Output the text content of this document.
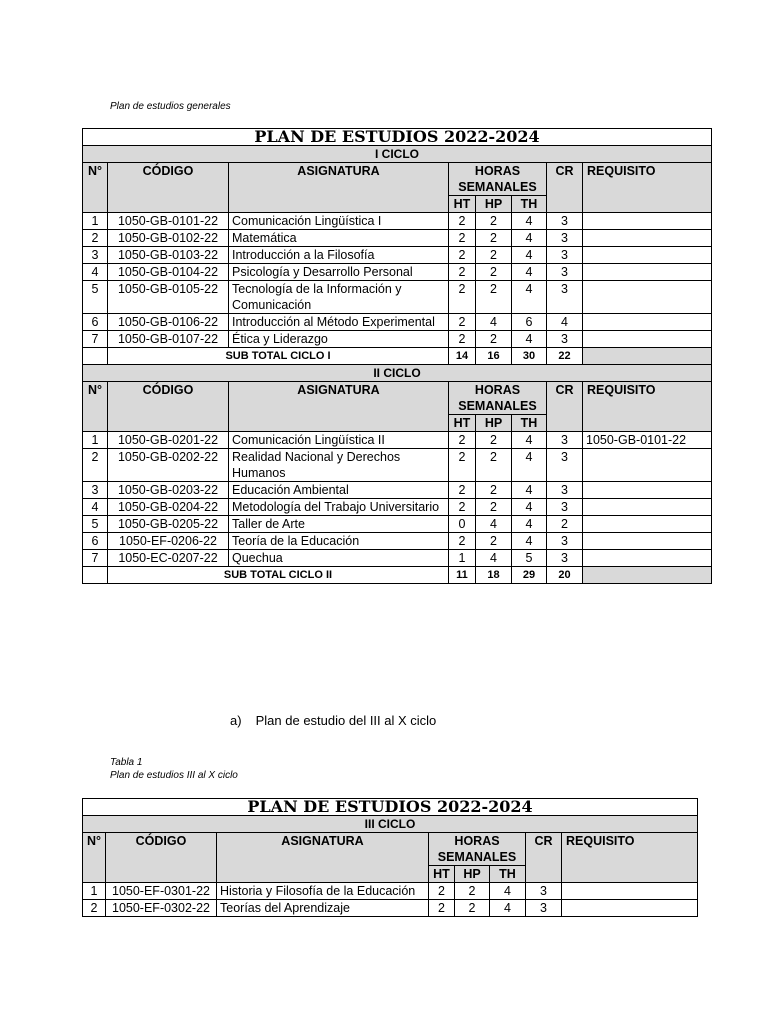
Plan de estudios generales
PLAN DE ESTUDIOS 2022-2024							
I CICLO							
N°	CÓDIGO	ASIGNATURA	HORAS SEMANALES			CR	REQUISITO
			HT	HP	TH		
1	1050-GB-0101-22	Comunicación Lingüística I	2	2	4	3	
2	1050-GB-0102-22	Matemática	2	2	4	3	
3	1050-GB-0103-22	Introducción a la Filosofía	2	2	4	3	
4	1050-GB-0104-22	Psicología y Desarrollo Personal	2	2	4	3	
5	1050-GB-0105-22	Tecnología de la Información y Comunicación	2	2	4	3	
6	1050-GB-0106-22	Introducción al Método Experimental	2	4	6	4	
7	1050-GB-0107-22	Ética y Liderazgo	2	2	4	3	
	SUB TOTAL CICLO I		14	16	30	22	
II CICLO							
N°	CÓDIGO	ASIGNATURA	HORAS SEMANALES			CR	REQUISITO
			HT	HP	TH		
1	1050-GB-0201-22	Comunicación Lingüística II	2	2	4	3	1050-GB-0101-22
2	1050-GB-0202-22	Realidad Nacional y Derechos Humanos	2	2	4	3	
3	1050-GB-0203-22	Educación Ambiental	2	2	4	3	
4	1050-GB-0204-22	Metodología del Trabajo Universitario	2	2	4	3	
5	1050-GB-0205-22	Taller de Arte	0	4	4	2	
6	1050-EF-0206-22	Teoría de la Educación	2	2	4	3	
7	1050-EC-0207-22	Quechua	1	4	5	3	
	SUB TOTAL CICLO II		11	18	29	20	
a) Plan de estudio del III al X ciclo
Tabla 1
Plan de estudios III al X ciclo
PLAN DE ESTUDIOS 2022-2024							
III CICLO							
N°	CÓDIGO	ASIGNATURA	HORAS SEMANALES			CR	REQUISITO
			HT	HP	TH		
1	1050-EF-0301-22	Historia y Filosofía de la Educación	2	2	4	3	
2	1050-EF-0302-22	Teorías del Aprendizaje	2	2	4	3	
